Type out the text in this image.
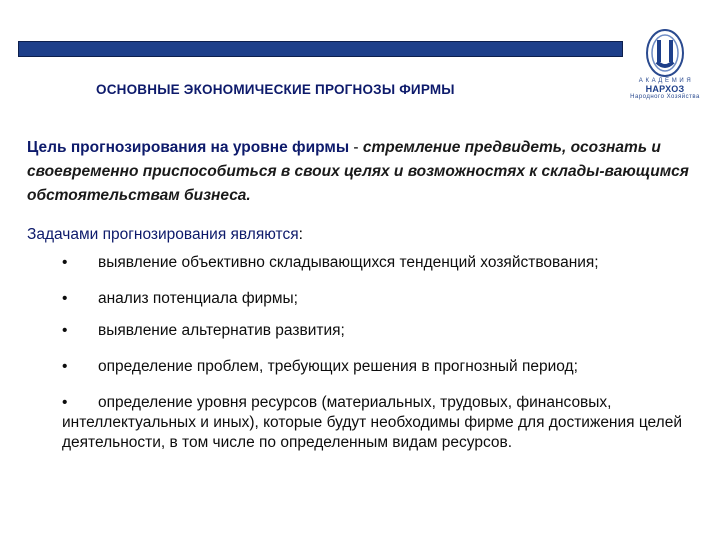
А К А Д Е М И Я
НАРХОЗ
Народного Хозяйства
ОСНОВНЫЕ ЭКОНОМИЧЕСКИЕ ПРОГНОЗЫ ФИРМЫ
Цель прогнозирования на уровне фирмы - стремление предвидеть, осознать и своевременно приспособиться в своих целях и возможностях к склады-вающимся обстоятельствам бизнеса.
Задачами прогнозирования являются:
• выявление объективно складывающихся тенденций хозяйствования;
• анализ потенциала фирмы;
• выявление альтернатив развития;
• определение проблем, требующих решения в прогнозный период;
• определение уровня ресурсов (материальных, трудовых, финансовых, интеллектуальных и иных), которые будут необходимы фирме для достижения целей деятельности, в том числе по определенным видам ресурсов.
